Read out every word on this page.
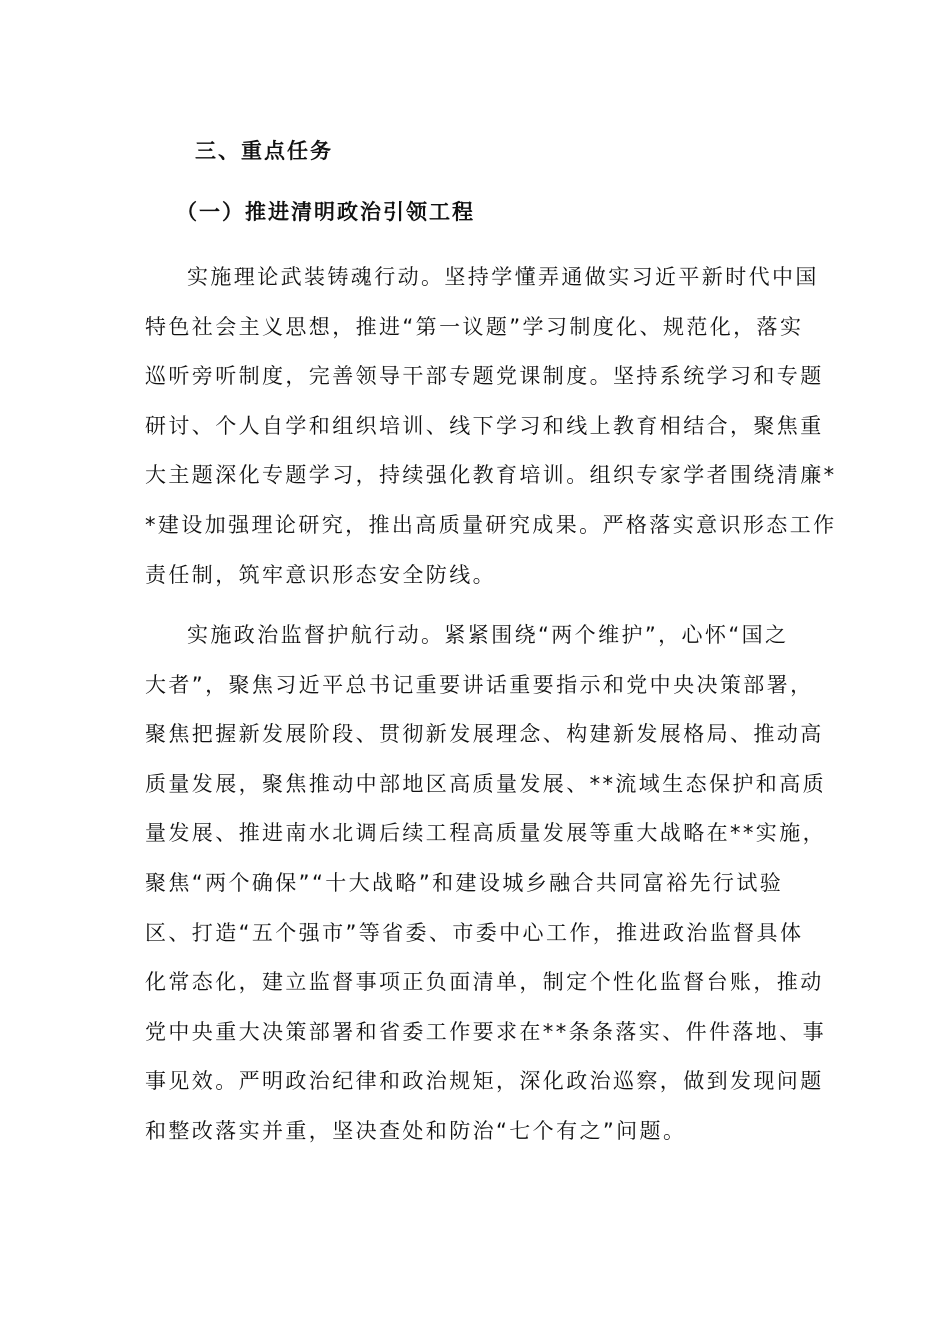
三、重点任务
（一）推进清明政治引领工程
实施理论武装铸魂行动。坚持学懂弄通做实习近平新时代中国
特色社会主义思想，推进“第一议题”学习制度化、规范化，落实
巡听旁听制度，完善领导干部专题党课制度。坚持系统学习和专题
研讨、个人自学和组织培训、线下学习和线上教育相结合，聚焦重
大主题深化专题学习，持续强化教育培训。组织专家学者围绕清廉*
*建设加强理论研究，推出高质量研究成果。严格落实意识形态工作
责任制，筑牢意识形态安全防线。
实施政治监督护航行动。紧紧围绕“两个维护”，心怀“国之
大者”，聚焦习近平总书记重要讲话重要指示和党中央决策部署，
聚焦把握新发展阶段、贯彻新发展理念、构建新发展格局、推动高
质量发展，聚焦推动中部地区高质量发展、**流域生态保护和高质
量发展、推进南水北调后续工程高质量发展等重大战略在**实施，
聚焦“两个确保”“十大战略”和建设城乡融合共同富裕先行试验
区、打造“五个强市”等省委、市委中心工作，推进政治监督具体
化常态化，建立监督事项正负面清单，制定个性化监督台账，推动
党中央重大决策部署和省委工作要求在**条条落实、件件落地、事
事见效。严明政治纪律和政治规矩，深化政治巡察，做到发现问题
和整改落实并重，坚决查处和防治“七个有之”问题。
